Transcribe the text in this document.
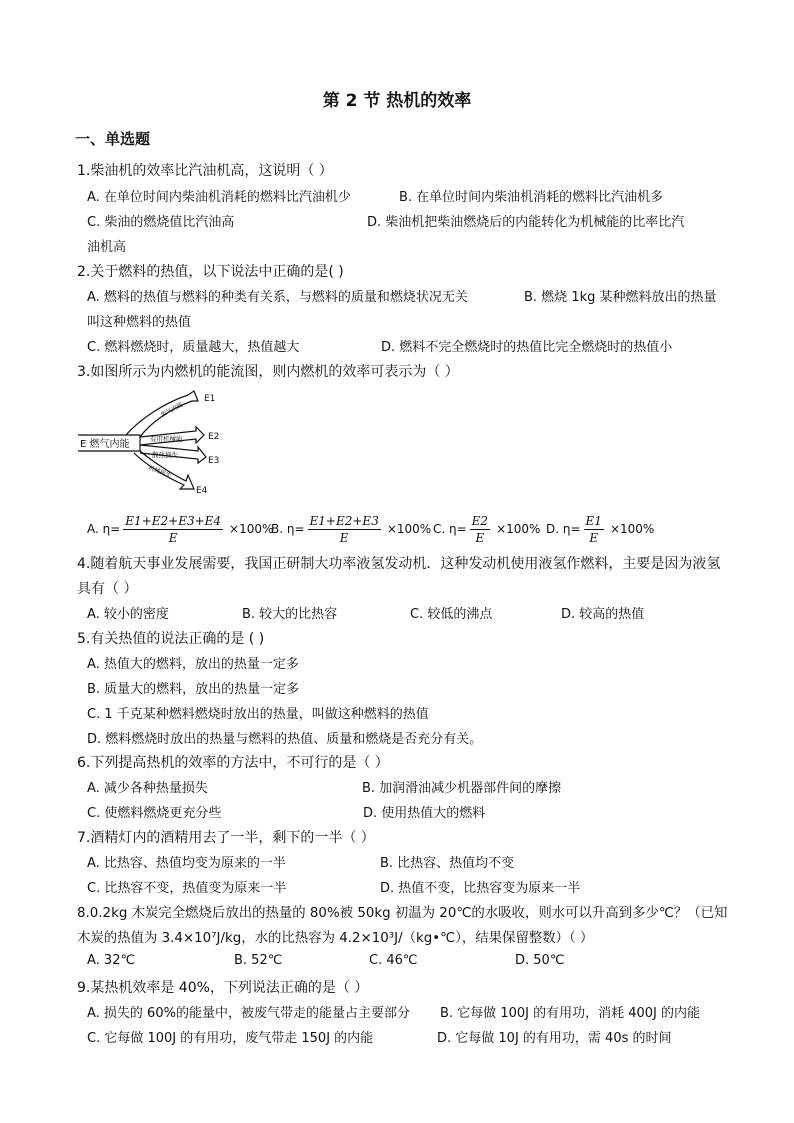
第 2 节 热机的效率
一、单选题
1.柴油机的效率比汽油机高，这说明（ ）
A. 在单位时间内柴油机消耗的燃料比汽油机少	B. 在单位时间内柴油机消耗的燃料比汽油机多
C. 柴油的燃烧值比汽油高	D. 柴油机把柴油燃烧后的内能转化为机械能的比率比汽
油机高
2.关于燃料的热值，以下说法中正确的是( )
A. 燃料的热值与燃料的种类有关系，与燃料的质量和燃烧状况无关	B. 燃烧 1kg 某种燃料放出的热量
叫这种燃料的热值
C. 燃料燃烧时，质量越大，热值越大	D. 燃料不完全燃烧时的热值比完全燃烧时的热值小
3.如图所示为内燃机的能流图，则内燃机的效率可表示为（ ）
E 燃气内能
废气内能
有用机械能
散热损失
机械损失
E1
E2
E3
E4
A. $\eta= \frac{E1+E2+E3+E4}{E} \times 100\%$
B. $\eta= \frac{E1+E2+E3}{E} \times 100\%$ C. $\eta= \frac{E2}{E} \times 100\%$ D. $\eta= \frac{E1}{E} \times 100\%$
4.随着航天事业发展需要，我国正研制大功率液氢发动机．这种发动机使用液氢作燃料，主要是因为液氢
具有（ ）
A. 较小的密度	B. 较大的比热容	C. 较低的沸点	D. 较高的热值
5.有关热值的说法正确的是 ( )
A. 热值大的燃料，放出的热量一定多
B. 质量大的燃料，放出的热量一定多
C. 1 千克某种燃料燃烧时放出的热量，叫做这种燃料的热值
D. 燃料燃烧时放出的热量与燃料的热值、质量和燃烧是否充分有关。
6.下列提高热机的效率的方法中，不可行的是（ ）
A. 减少各种热量损失	B. 加润滑油减少机器部件间的摩擦
C. 使燃料燃烧更充分些	D. 使用热值大的燃料
7.酒精灯内的酒精用去了一半，剩下的一半（ ）
A. 比热容、热值均变为原来的一半	B. 比热容、热值均不变
C. 比热容不变，热值变为原来一半	D. 热值不变，比热容变为原来一半
8.0.2kg 木炭完全燃烧后放出的热量的 80%被 50kg 初温为 20℃的水吸收，则水可以升高到多少℃？（已知
木炭的热值为 3.4×10⁷J/kg，水的比热容为 4.2×10³J/（kg•℃），结果保留整数）（ ）
A. 32℃	B. 52℃	C. 46℃	D. 50℃
9.某热机效率是 40%，下列说法正确的是（ ）
A. 损失的 60%的能量中，被废气带走的能量占主要部分 B. 它每做 100J 的有用功，消耗 400J 的内能
C. 它每做 100J 的有用功，废气带走 150J 的内能	D. 它每做 10J 的有用功，需 40s 的时间
